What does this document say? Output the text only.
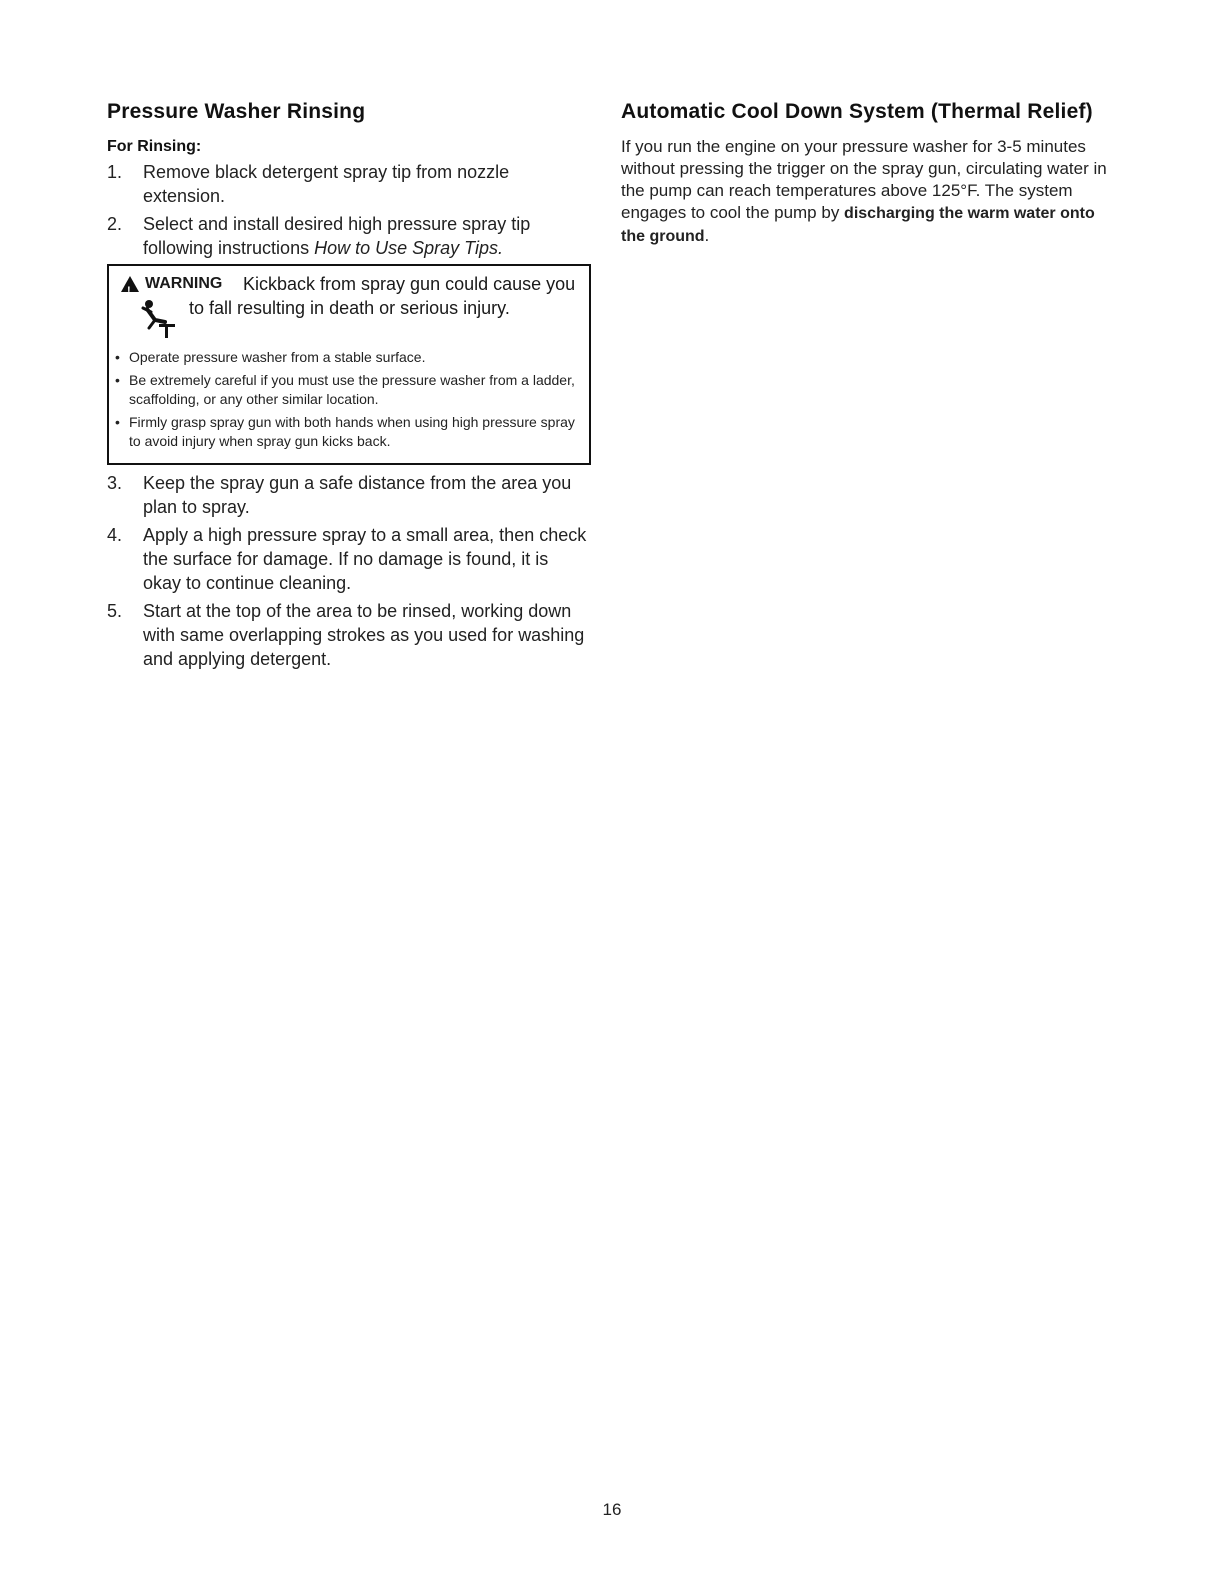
Pressure Washer Rinsing
For Rinsing:
1.	Remove black detergent spray tip from nozzle extension.
2.	Select and install desired high pressure spray tip following instructions How to Use Spray Tips.
!
WARNING Kickback from spray gun could cause you
to fall resulting in death or serious injury.
• Operate pressure washer from a stable surface.
• Be extremely careful if you must use the pressure washer from a ladder, scaffolding, or any other similar location.
• Firmly grasp spray gun with both hands when using high pressure spray to avoid injury when spray gun kicks back.
3.	Keep the spray gun a safe distance from the area you plan to spray.
4.	Apply a high pressure spray to a small area, then check the surface for damage. If no damage is found, it is okay to continue cleaning.
5.	Start at the top of the area to be rinsed, working down with same overlapping strokes as you used for washing and applying detergent.
Automatic Cool Down System (Thermal Relief)

If you run the engine on your pressure washer for 3-5 minutes without pressing the trigger on the spray gun, circulating water in the pump can reach temperatures above 125°F. The system engages to cool the pump by discharging the warm water onto the ground.

16
